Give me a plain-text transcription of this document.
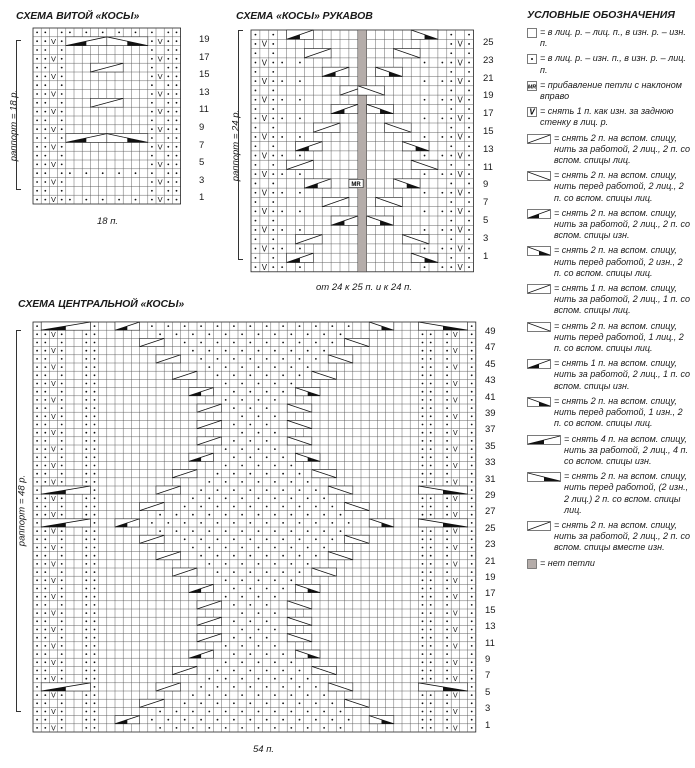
СХЕМА ВИТОЙ «КОСЫ»
раппорт = 18 р.
V	V
V	V
V	V
V	V
V	V
V	V
V	V
V	V
V	V
V	V
19
17
15
13
11
9
7
5
3
1
18 п.
СХЕМА «КОСЫ» РУКАВОВ
раппорт = 24 р.
V	V
V	V
V	V
V	V
V	V
V	V
V	V
V	V
V	V
V	V
V	V
V	V
V	V
MR
25
23
21
19
17
15
13
11
9
7
5
3
1
от 24 к 25 п. и к 24 п.
СХЕМА ЦЕНТРАЛЬНОЙ «КОСЫ»
раппорт = 48 р.
V	V
V	V
V	V
V	V
V	V
V	V
V	V
V	V
V	V
V	V
V	V
V	V
V	V
V	V
V	V
V	V
V	V
V	V
V	V
V	V
V	V
V	V
V	V
V	V
V	V
49
47
45
43
41
39
37
35
33
31
29
27
25
23
21
19
17
15
13
11
9
7
5
3
1
54 п.
УСЛОВНЫЕ ОБОЗНАЧЕНИЯ
= в лиц. р. – лиц. п., в изн. р. – изн. п.
= в лиц. р. – изн. п., в изн. р. – лиц. п.
MR = прибавление петли с наклоном вправо
V = снять 1 п. как изн. за заднюю стенку в лиц. р.
= снять 2 п. на вспом. спицу, нить за работой, 2 лиц., 2 п. со вспом. спицы лиц.
= снять 2 п. на вспом. спицу, нить перед работой, 2 лиц., 2 п. со вспом. спицы лиц.
= снять 2 п. на вспом. спицу, нить за работой, 2 лиц., 2 п. со вспом. спицы изн.
= снять 2 п. на вспом. спицу, нить перед работой, 2 изн., 2 п. со вспом. спицы лиц.
= снять 1 п. на вспом. спицу, нить за работой, 2 лиц., 1 п. со вспом. спицы лиц.
= снять 2 п. на вспом. спицу, нить перед работой, 1 лиц., 2 п. со вспом. спицы лиц.
= снять 1 п. на вспом. спицу, нить за работой, 2 лиц., 1 п. со вспом. спицы изн.
= снять 2 п. на вспом. спицу, нить перед работой, 1 изн., 2 п. со вспом. спицы лиц.
= снять 4 п. на вспом. спицу, нить за работой, 2 лиц., 4 п. со вспом. спицы изн.
= снять 2 п. на вспом. спицу, нить перед работой, (2 изн., 2 лиц.) 2 п. со вспом. спицы лиц.
= снять 2 п. на вспом. спицу, нить за работой, 2 лиц., 2 п. со вспом. спицы вместе изн.
= нет петли
